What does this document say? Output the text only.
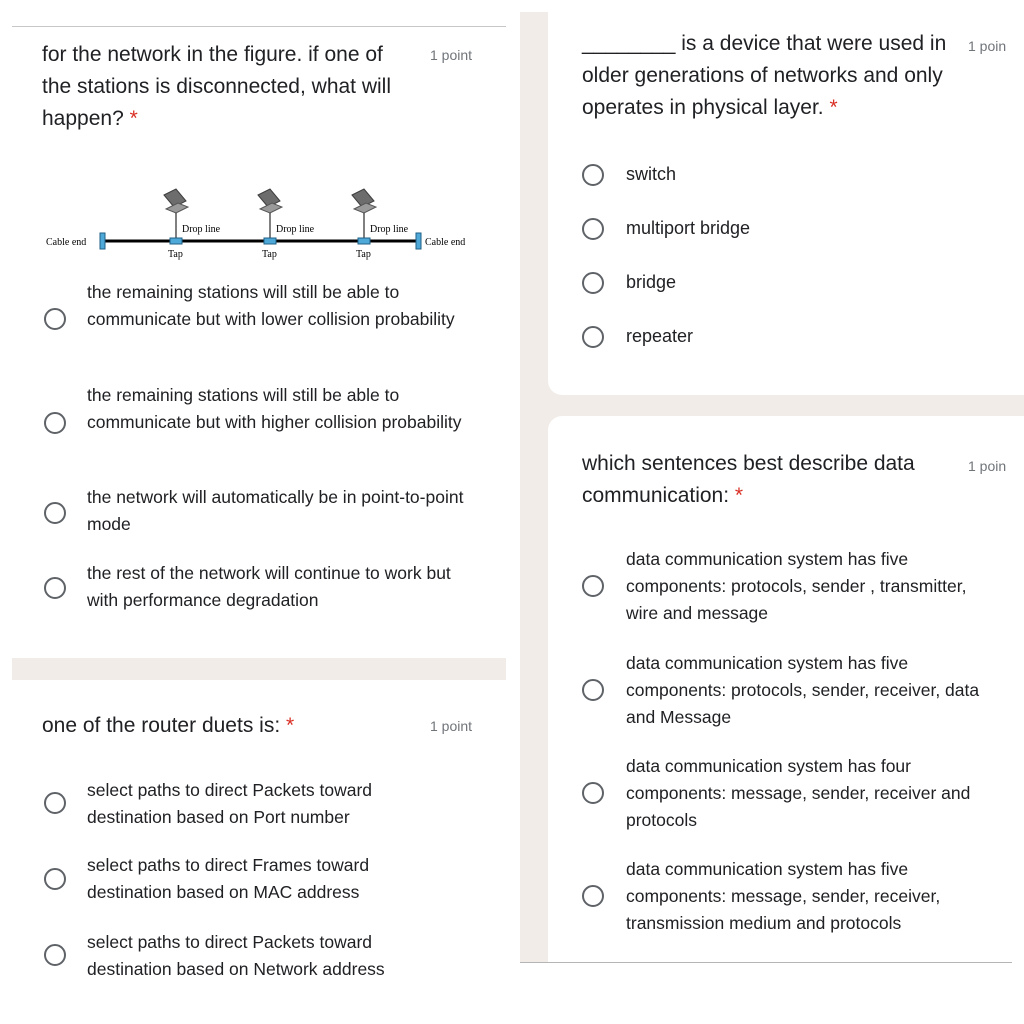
for the network in the figure. if one of the stations is disconnected, what will happen? *
1 point
Cable end	Cable end
Drop line
Tap
Drop line
Tap
Drop line
Tap
the remaining stations will still be able to communicate but with lower collision probability
the remaining stations will still be able to communicate but with higher collision probability
the network will automatically be in point-to-point mode
the rest of the network will continue to work but with performance degradation
one of the router duets is: *	1 point
select paths to direct Packets toward destination based on Port number
select paths to direct Frames toward destination based on MAC address
select paths to direct Packets toward destination based on Network address
________ is a device that were used in older generations of networks and only operates in physical layer. *
1 poin
switch
multiport bridge
bridge
repeater
which sentences best describe data communication: *
1 poin
data communication system has five components: protocols, sender , transmitter, wire and message
data communication system has five components: protocols, sender, receiver, data and Message
data communication system has four components: message, sender, receiver and protocols
data communication system has five components: message, sender, receiver, transmission medium and protocols
